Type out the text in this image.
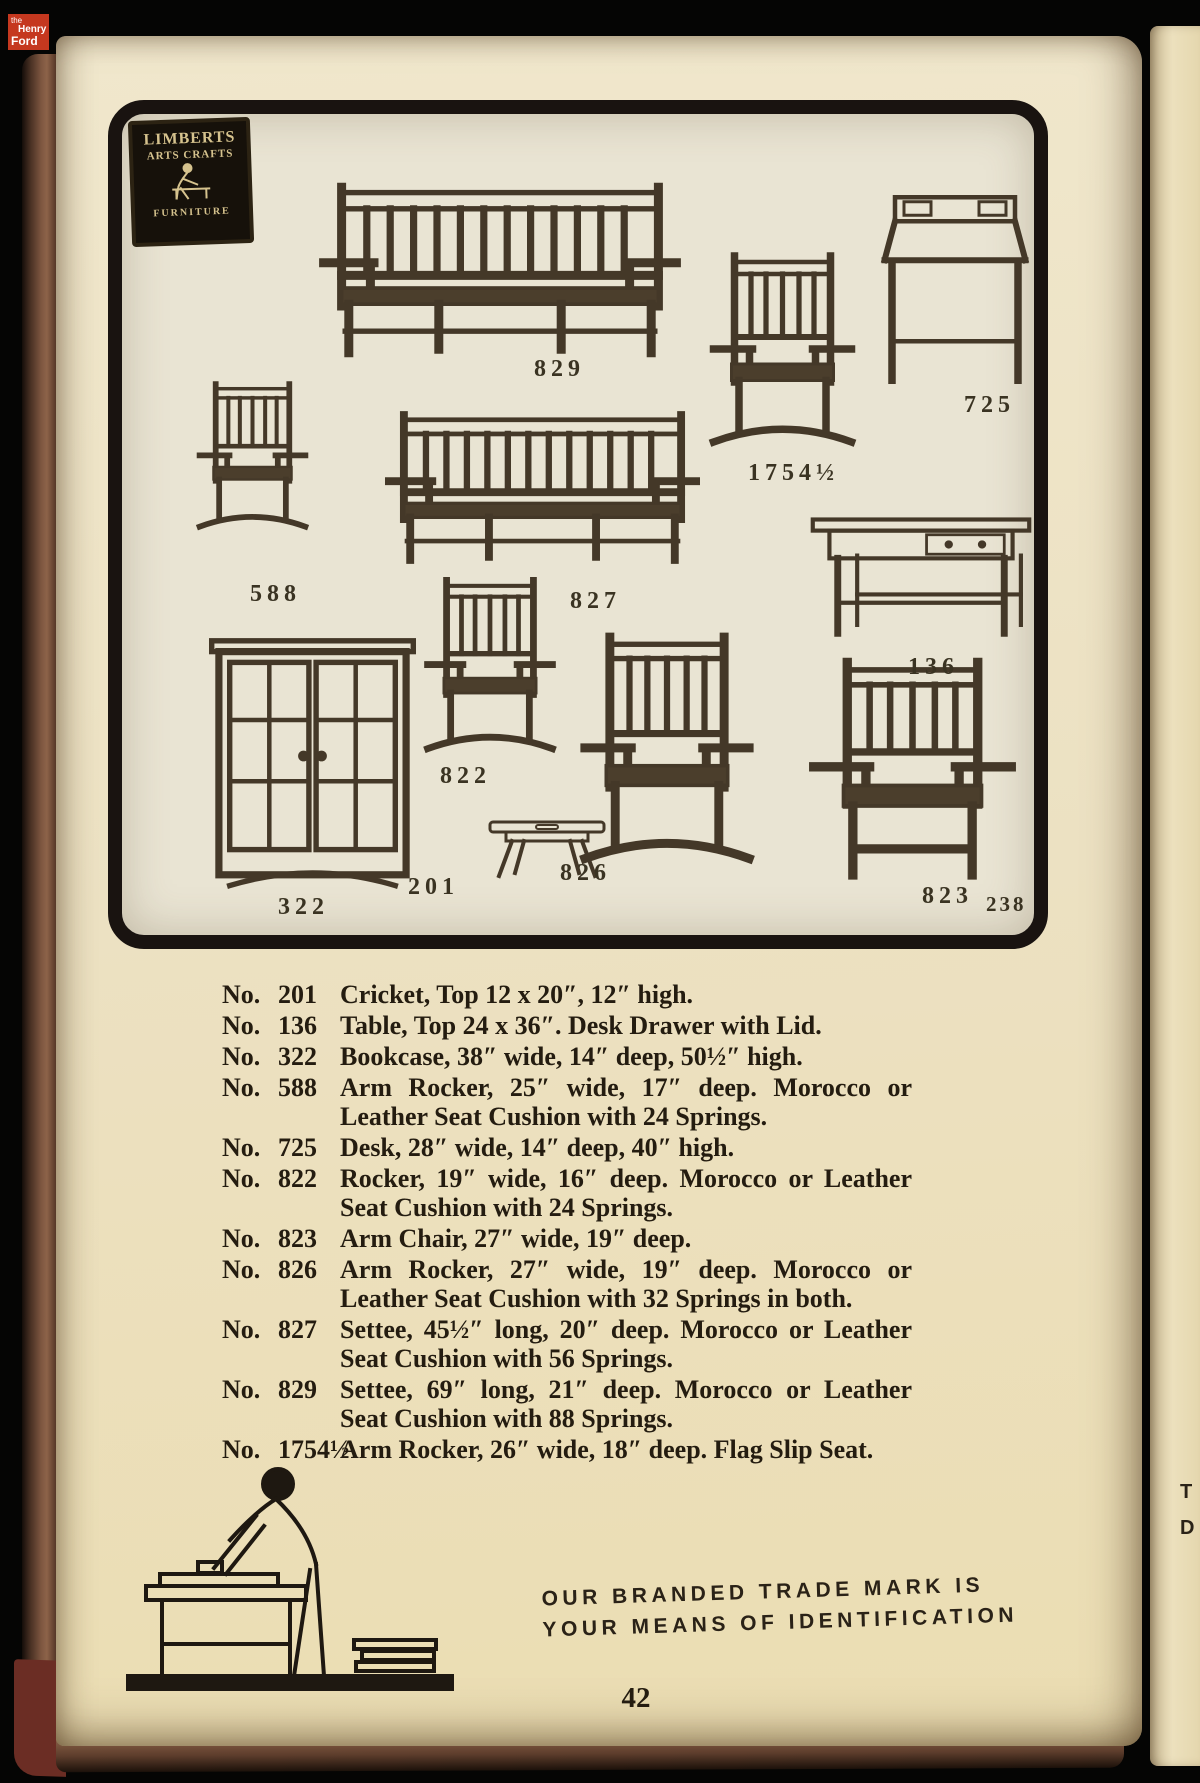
the
Henry
Ford
T
D
LIMBERTS
ARTS CRAFTS
FURNITURE
829
725
1754½
588	827
136
822
201
322
826
823 238
No. 201 Cricket, Top 12 x 20″, 12″ high.
No. 136 Table, Top 24 x 36″. Desk Drawer with Lid.
No. 322 Bookcase, 38″ wide, 14″ deep, 50½″ high.
No. 588 Arm Rocker, 25″ wide, 17″ deep. Morocco or Leather Seat Cushion with 24 Springs.
No. 725 Desk, 28″ wide, 14″ deep, 40″ high.
No. 822 Rocker, 19″ wide, 16″ deep. Morocco or Leather Seat Cushion with 24 Springs.
No. 823 Arm Chair, 27″ wide, 19″ deep.
No. 826 Arm Rocker, 27″ wide, 19″ deep. Morocco or Leather Seat Cushion with 32 Springs in both.
No. 827 Settee, 45½″ long, 20″ deep. Morocco or Leather Seat Cushion with 56 Springs.
No. 829 Settee, 69″ long, 21″ deep. Morocco or Leather Seat Cushion with 88 Springs.
No. 1754½
Arm Rocker, 26″ wide, 18″ deep. Flag Slip Seat.
OUR BRANDED TRADE MARK IS
YOUR MEANS OF IDENTIFICATION
42
